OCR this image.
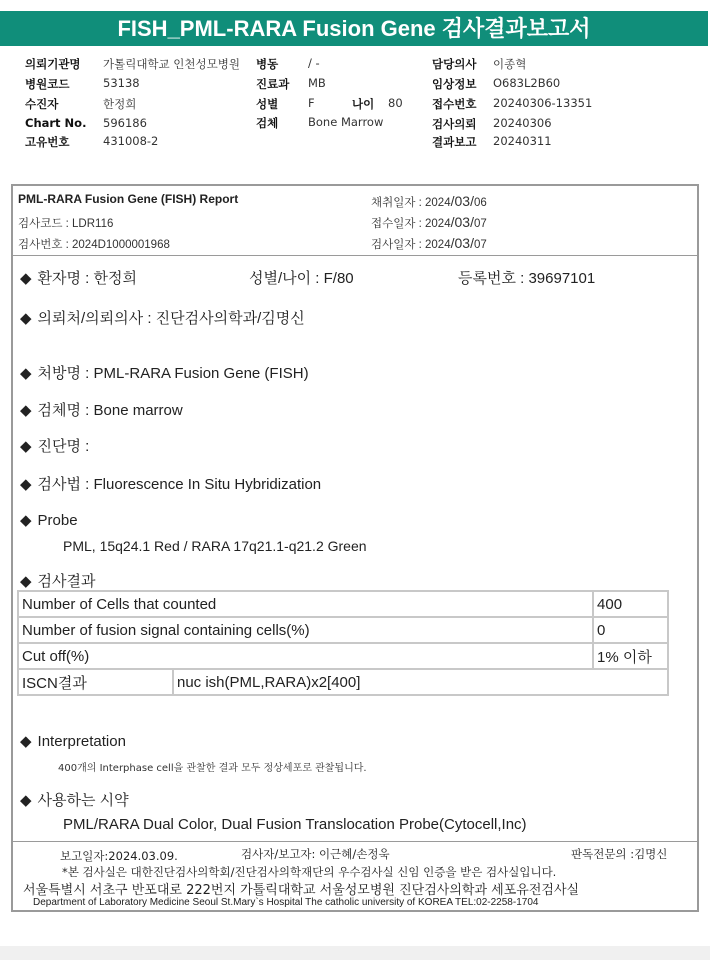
FISH_PML-RARA Fusion Gene 검사결과보고서
의뢰기관명 가톨릭대학교 인천성모병원
병원코드	53138
수진자	한정희
Chart No. 596186
고유번호	431008-2
병동	/ -
진료과 MB
성별	F	나이 80
검체	Bone Marrow
담당의사 이종혁
임상정보 O683L2B60
접수번호 20240306-13351
검사의뢰 20240306
결과보고 20240311
PML-RARA Fusion Gene (FISH) Report
검사코드 : LDR116
검사번호 : 2024D1000001968
채취일자 : 2024/03/06
접수일자 : 2024/03/07
검사일자 : 2024/03/07
◆ 환자명 : 한정희	성별/나이 : F/80	등록번호 : 39697101
◆ 의뢰처/의뢰의사 : 진단검사의학과/김명신
◆ 처방명 : PML-RARA Fusion Gene (FISH)
◆ 검체명 : Bone marrow
◆ 진단명 :
◆ 검사법 : Fluorescence In Situ Hybridization
◆ Probe
PML, 15q24.1 Red / RARA 17q21.1-q21.2 Green
◆ 검사결과
Number of Cells that counted		400
Number of fusion signal containing cells(%)		0
Cut off(%)		1% 이하
ISCN결과	nuc ish(PML,RARA)x2[400]	
◆ Interpretation
400개의 Interphase cell을 관찰한 결과 모두 정상세포로 관찰됩니다.
◆ 사용하는 시약
PML/RARA Dual Color, Dual Fusion Translocation Probe(Cytocell,Inc)
보고일자:2024.03.09.	검사자/보고자: 이근혜/손정욱	판독전문의 :김명신
*본 검사실은 대한진단검사의학회/진단검사의학재단의 우수검사실 신임 인증을 받은 검사실입니다.
서울특별시 서초구 반포대로 222번지 가톨릭대학교 서울성모병원 진단검사의학과 세포유전검사실
Department of Laboratory Medicine Seoul St.Mary`s Hospital The catholic university of KOREA TEL:02-2258-1704
